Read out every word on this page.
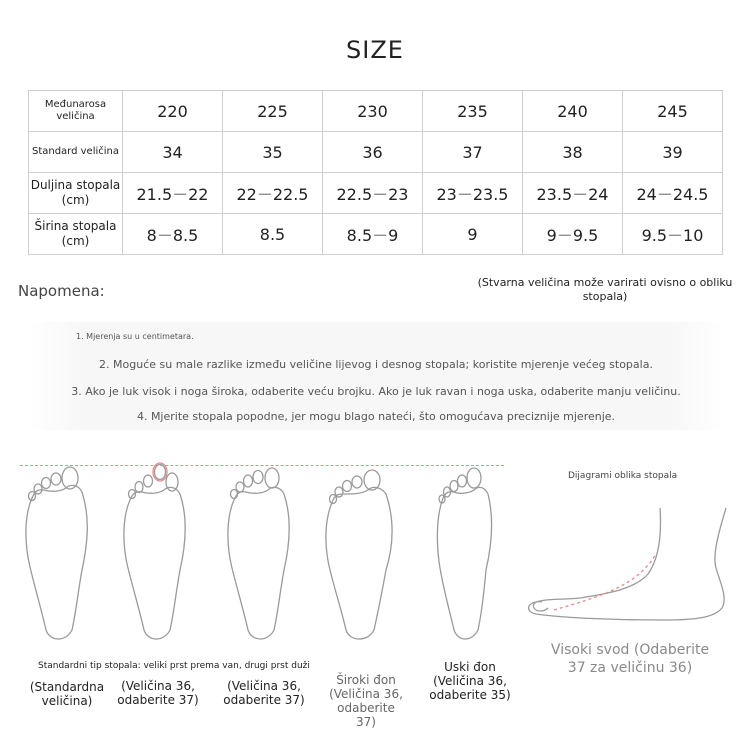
SIZE
Međunarosa veličina	220	225	230	235	240	245
Standard veličina	34	35	36	37	38	39
Duljina stopala (cm)	21.5－22	22－22.5	22.5－23	23－23.5	23.5－24	24－24.5
Širina stopala (cm)	8－8.5	8.5	8.5－9	9	9－9.5	9.5－10
Napomena:	(Stvarna veličina može varirati ovisno o obliku stopala)
1. Mjerenja su u centimetara.
2. Moguće su male razlike između veličine lijevog i desnog stopala; koristite mjerenje većeg stopala.
3. Ako je luk visok i noga široka, odaberite veću brojku. Ako je luk ravan i noga uska, odaberite manju veličinu.
4. Mjerite stopala popodne, jer mogu blago nateći, što omogućava preciznije mjerenje.
Standardni tip stopala: veliki prst prema van, drugi prst duži
(Standardna
veličina)
(Veličina 36,
odaberite 37)
(Veličina 36,
odaberite 37)
Široki đon
(Veličina 36,
odaberite
37)
Uski đon
(Veličina 36,
odaberite 35)
Dijagrami oblika stopala
Visoki svod (Odaberite 37 za veličinu 36)
